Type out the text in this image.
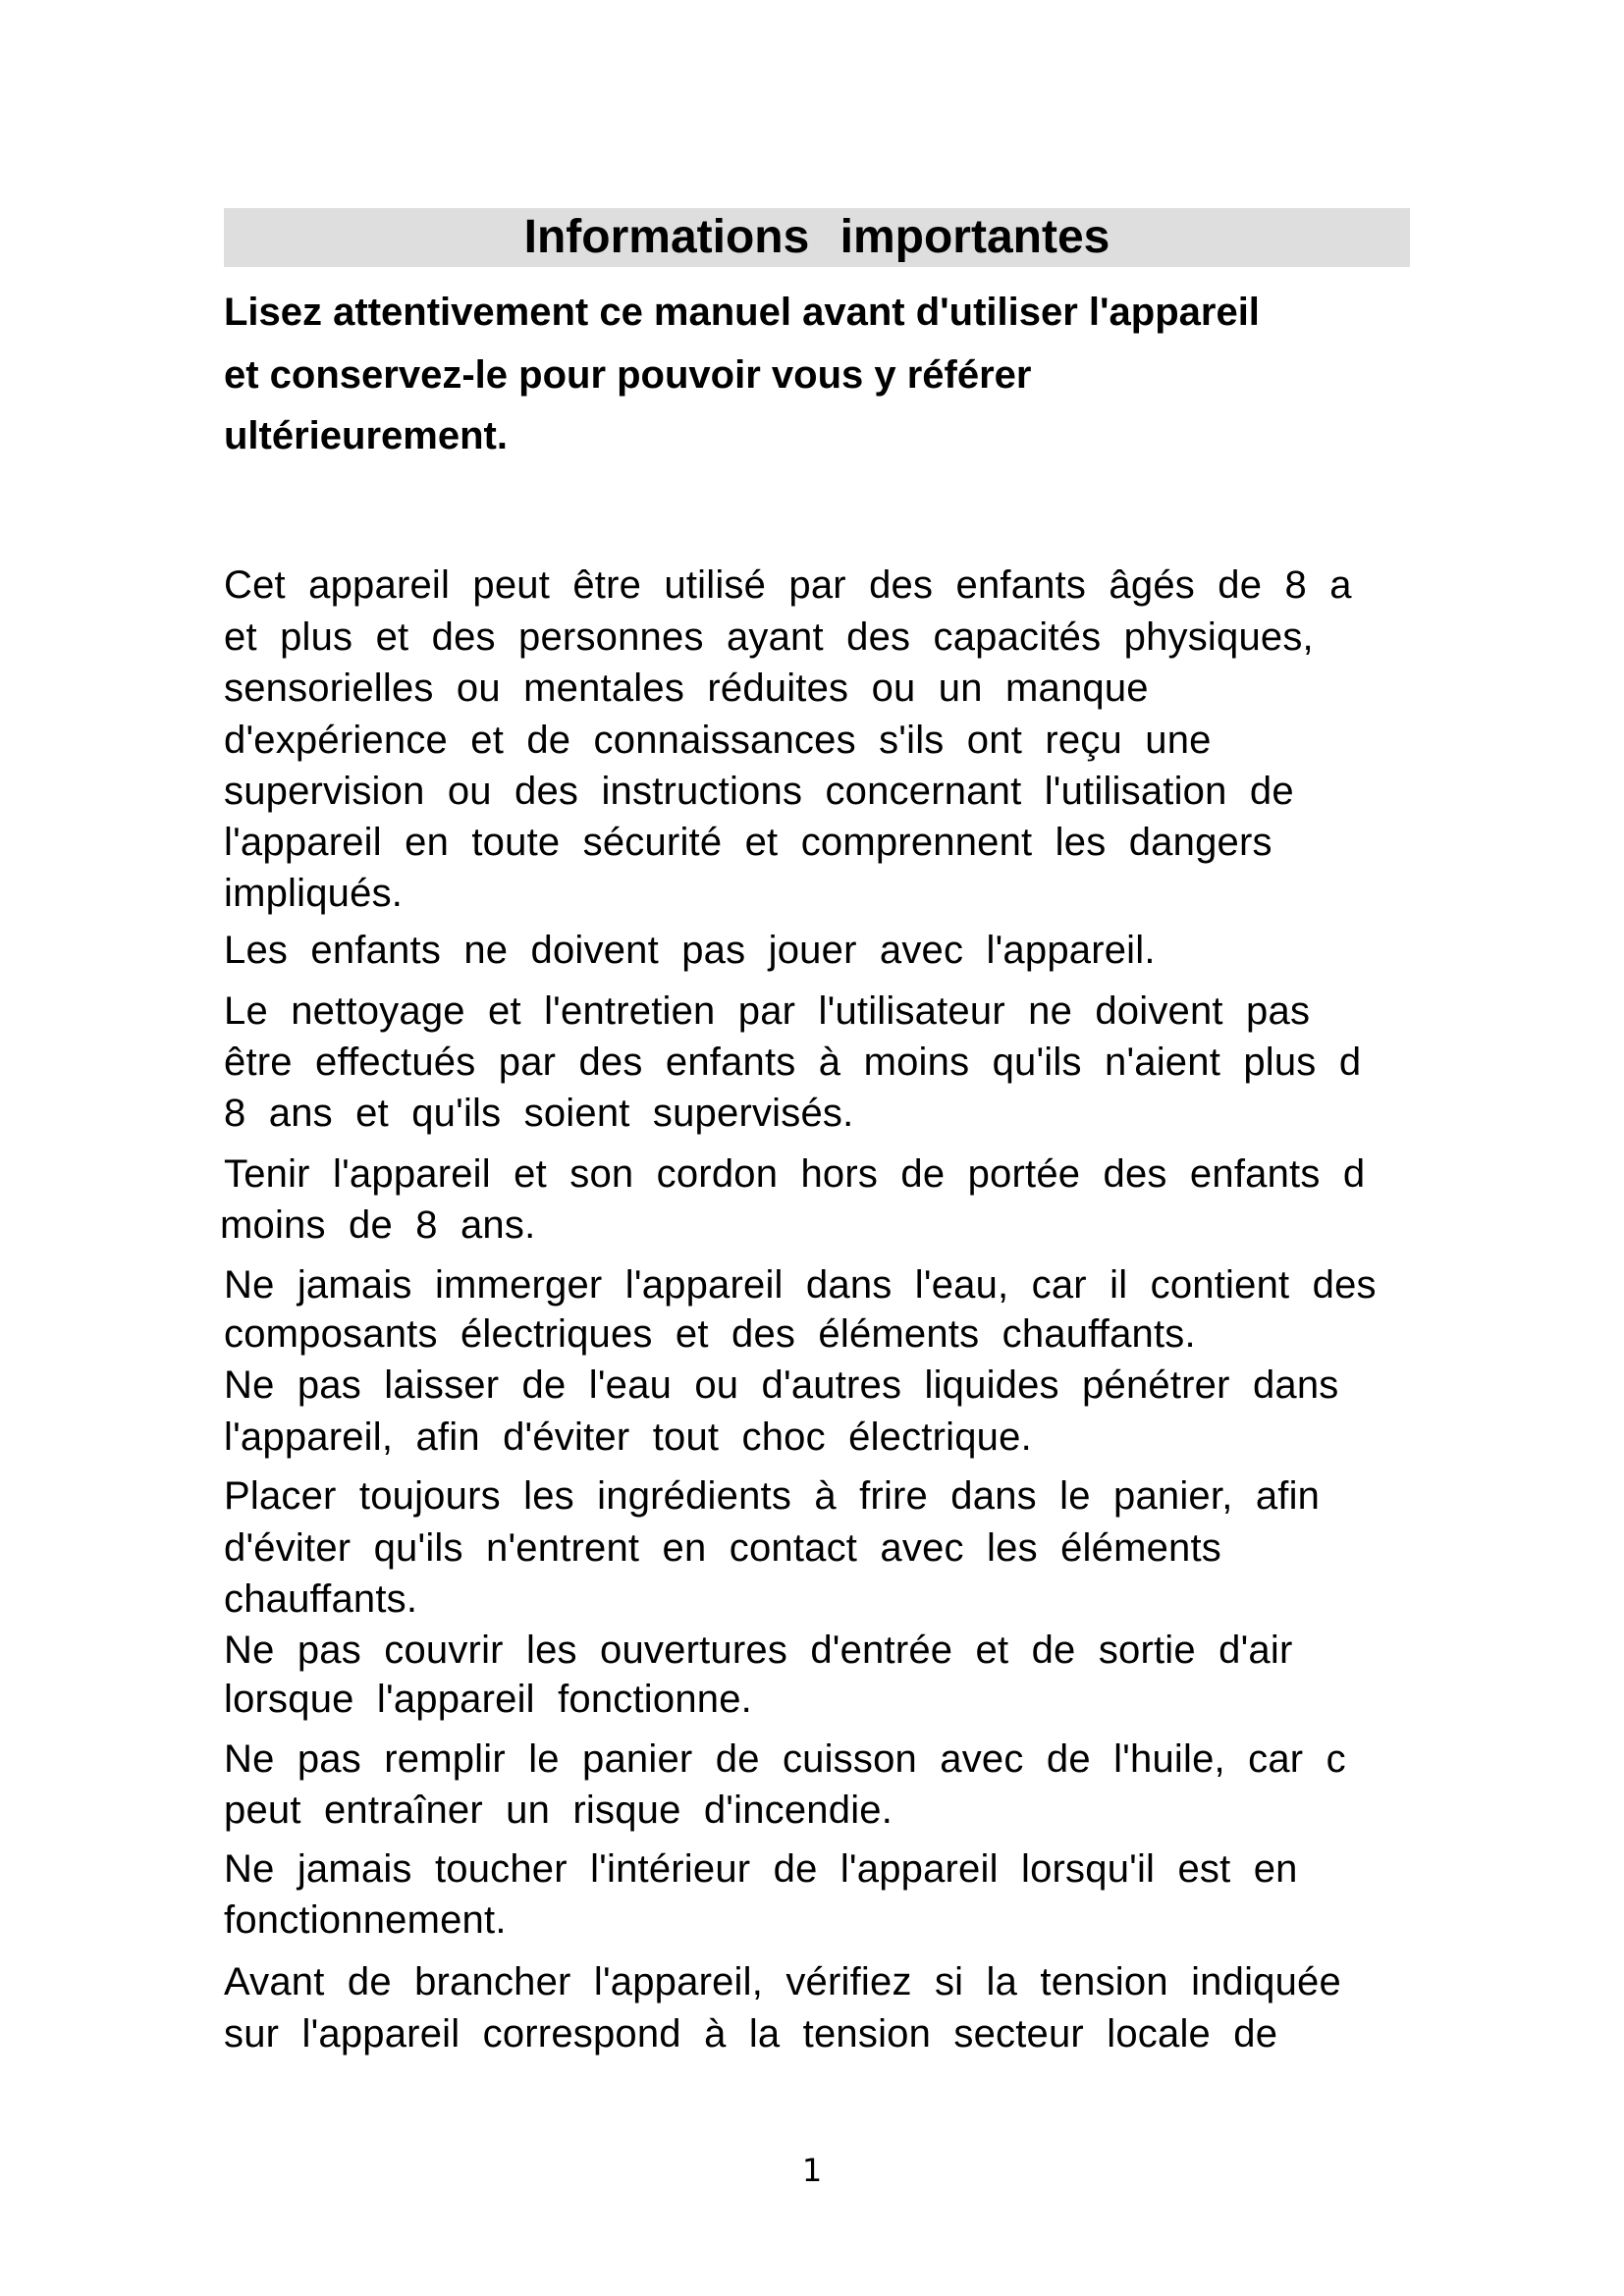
Informations importantes
Lisez attentivement ce manuel avant d'utiliser l'appareil
et conservez-le pour pouvoir vous y référer
ultérieurement.
Cet appareil peut être utilisé par des enfants âgés de 8 a
et plus et des personnes ayant des capacités physiques,
sensorielles ou mentales réduites ou un manque
d'expérience et de connaissances s'ils ont reçu une
supervision ou des instructions concernant l'utilisation de
l'appareil en toute sécurité et comprennent les dangers
impliqués.
Les enfants ne doivent pas jouer avec l'appareil.
Le nettoyage et l'entretien par l'utilisateur ne doivent pas
être effectués par des enfants à moins qu'ils n'aient plus d
8 ans et qu'ils soient supervisés.
Tenir l'appareil et son cordon hors de portée des enfants d
moins de 8 ans.
Ne jamais immerger l'appareil dans l'eau, car il contient des
composants électriques et des éléments chauffants.
Ne pas laisser de l'eau ou d'autres liquides pénétrer dans
l'appareil, afin d'éviter tout choc électrique.
Placer toujours les ingrédients à frire dans le panier, afin
d'éviter qu'ils n'entrent en contact avec les éléments
chauffants.
Ne pas couvrir les ouvertures d'entrée et de sortie d'air
lorsque l'appareil fonctionne.
Ne pas remplir le panier de cuisson avec de l'huile, car c
peut entraîner un risque d'incendie.
Ne jamais toucher l'intérieur de l'appareil lorsqu'il est en
fonctionnement.
Avant de brancher l'appareil, vérifiez si la tension indiquée
sur l'appareil correspond à la tension secteur locale de
1
